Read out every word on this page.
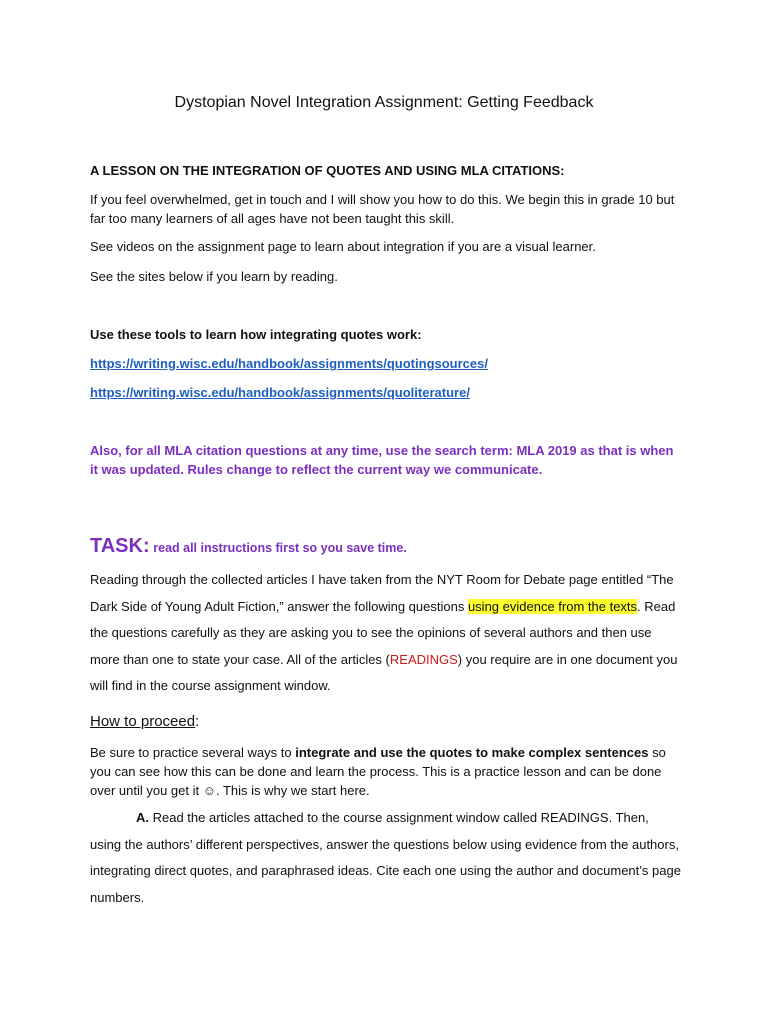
Dystopian Novel Integration Assignment: Getting Feedback
A LESSON ON THE INTEGRATION OF QUOTES AND USING MLA CITATIONS:
If you feel overwhelmed, get in touch and I will show you how to do this. We begin this in grade 10 but far too many learners of all ages have not been taught this skill.
See videos on the assignment page to learn about integration if you are a visual learner.
See the sites below if you learn by reading.
Use these tools to learn how integrating quotes work:
https://writing.wisc.edu/handbook/assignments/quotingsources/
https://writing.wisc.edu/handbook/assignments/quoliterature/
Also, for all MLA citation questions at any time, use the search term: MLA 2019 as that is when it was updated. Rules change to reflect the current way we communicate.
TASK: read all instructions first so you save time.
Reading through the collected articles I have taken from the NYT Room for Debate page entitled “The Dark Side of Young Adult Fiction,” answer the following questions using evidence from the texts. Read the questions carefully as they are asking you to see the opinions of several authors and then use more than one to state your case. All of the articles (READINGS) you require are in one document you will find in the course assignment window.
How to proceed:
Be sure to practice several ways to integrate and use the quotes to make complex sentences so you can see how this can be done and learn the process. This is a practice lesson and can be done over until you get it ☺. This is why we start here.
A. Read the articles attached to the course assignment window called READINGS. Then, using the authors’ different perspectives, answer the questions below using evidence from the authors, integrating direct quotes, and paraphrased ideas. Cite each one using the author and document’s page numbers.
